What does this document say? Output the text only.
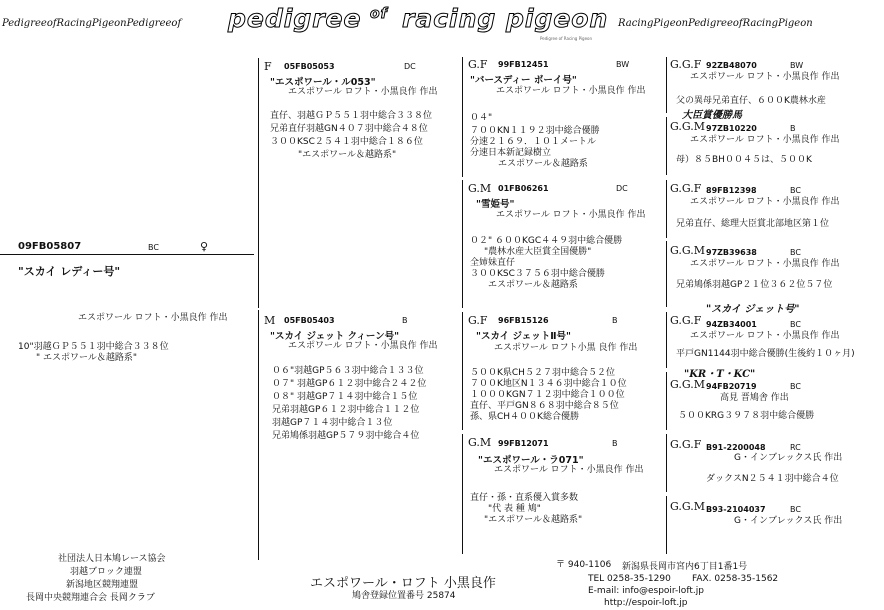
PedigreeofRacingPigeonPedigreeof pedigree of racing pigeon
Pedigree of Racing Pigeon
RacingPigeonPedigreeofRacingPigeon
09FB05807	BC	♀
"スカイ レディー号"
エスポワール ロフト・小黒良作 作出
10"羽越ＧＰ５５１羽中総合３３８位
" エスポワール＆越路系"
F 05FB05053	DC
"エスポワール・ル053"
エスポワール ロフト・小黒良作 作出
直仔、羽越ＧＰ５５１羽中総合３３８位
兄弟直仔羽越GN４０７羽中総合４８位
３００KSC２５４１羽中総合１８６位
"エスポワール＆越路系"
M 05FB05403	B
"スカイ ジェット クィーン号"
エスポワール ロフト・小黒良作 作出
０６"羽越GP５６３羽中総合１３３位
０７" 羽越GP６１２羽中総合２４２位
０８" 羽越GP７１４羽中総合１５位
兄弟羽越GP６１２羽中総合１１２位
羽越GP７１４羽中総合１３位
兄弟鳩係羽越GP５７９羽中総合４位
G.F 99FB12451	BW
"バースディー ボーイ号"
エスポワール ロフト・小黒良作 作出
０４"
７００KN１１９２羽中総合優勝
分速２１６９．１０１メートル
分速日本新記録樹立
エスポワール＆越路系
G.M 01FB06261	DC
"雪姫号"
エスポワール ロフト・小黒良作 作出
０２" ６００KGC４４９羽中総合優勝
"農林水産大臣賞全国優勝"
全姉妹直仔
３００KSC３７５６羽中総合優勝
エスポワール＆越路系
G.F 96FB15126	B
"スカイ ジェットⅡ号"
エスポワール ロフト小黒 良作 作出
５００K県CH５２７羽中総合５２位
７００K地区N１３４６羽中総合１０位
１０００KGN７１２羽中総合１００位
直仔、平戸GN８６８羽中総合８５位
孫、県CH４００K総合優勝
G.M 99FB12071	B
"エスポワール・ラ071"
エスポワール ロフト・小黒良作 作出
直仔・孫・直系優入賞多数
"代 表 種 鳩"
"エスポワール＆越路系"
G.G.F 92ZB48070	BW
エスポワール ロフト・小黒良作 作出
父の異母兄弟直仔、６００K農林水産
大臣賞優勝馬
G.G.M 97ZB10220	B
エスポワール ロフト・小黒良作 作出
母）８５BH００４５は、５００K
G.G.F 89FB12398	BC
エスポワール ロフト・小黒良作 作出
兄弟直仔、総理大臣賞北部地区第１位
G.G.M 97ZB39638	BC
エスポワール ロフト・小黒良作 作出
兄弟鳩係羽越GP２１位３６２位５７位
"スカイ ジェット号"
G.G.F 94ZB34001	BC
エスポワール ロフト・小黒良作 作出
平戸GN1144羽中総合優勝(生後約１０ヶ月)
"KR・T・KC"
G.G.M 94FB20719	BC
高見 晋鳩舎 作出
５００KRG３９７８羽中総合優勝
G.G.F B91-2200048	RC
G・インブレックス氏 作出
ダックスN２５４１羽中総合４位
G.G.M B93-2104037	BC
G・インブレックス氏 作出
社団法人日本鳩レース協会
羽越ブロック連盟
新潟地区競翔連盟
長岡中央競翔連合会 長岡クラブ
エスポワール・ロフト 小黒良作
鳩舎登録位置番号 25874
〒 940-1106 新潟県長岡市宮内6丁目1番1号
TEL 0258-35-1290 FAX. 0258-35-1562
E-mail: info@espoir-loft.jp
http://espoir-loft.jp
